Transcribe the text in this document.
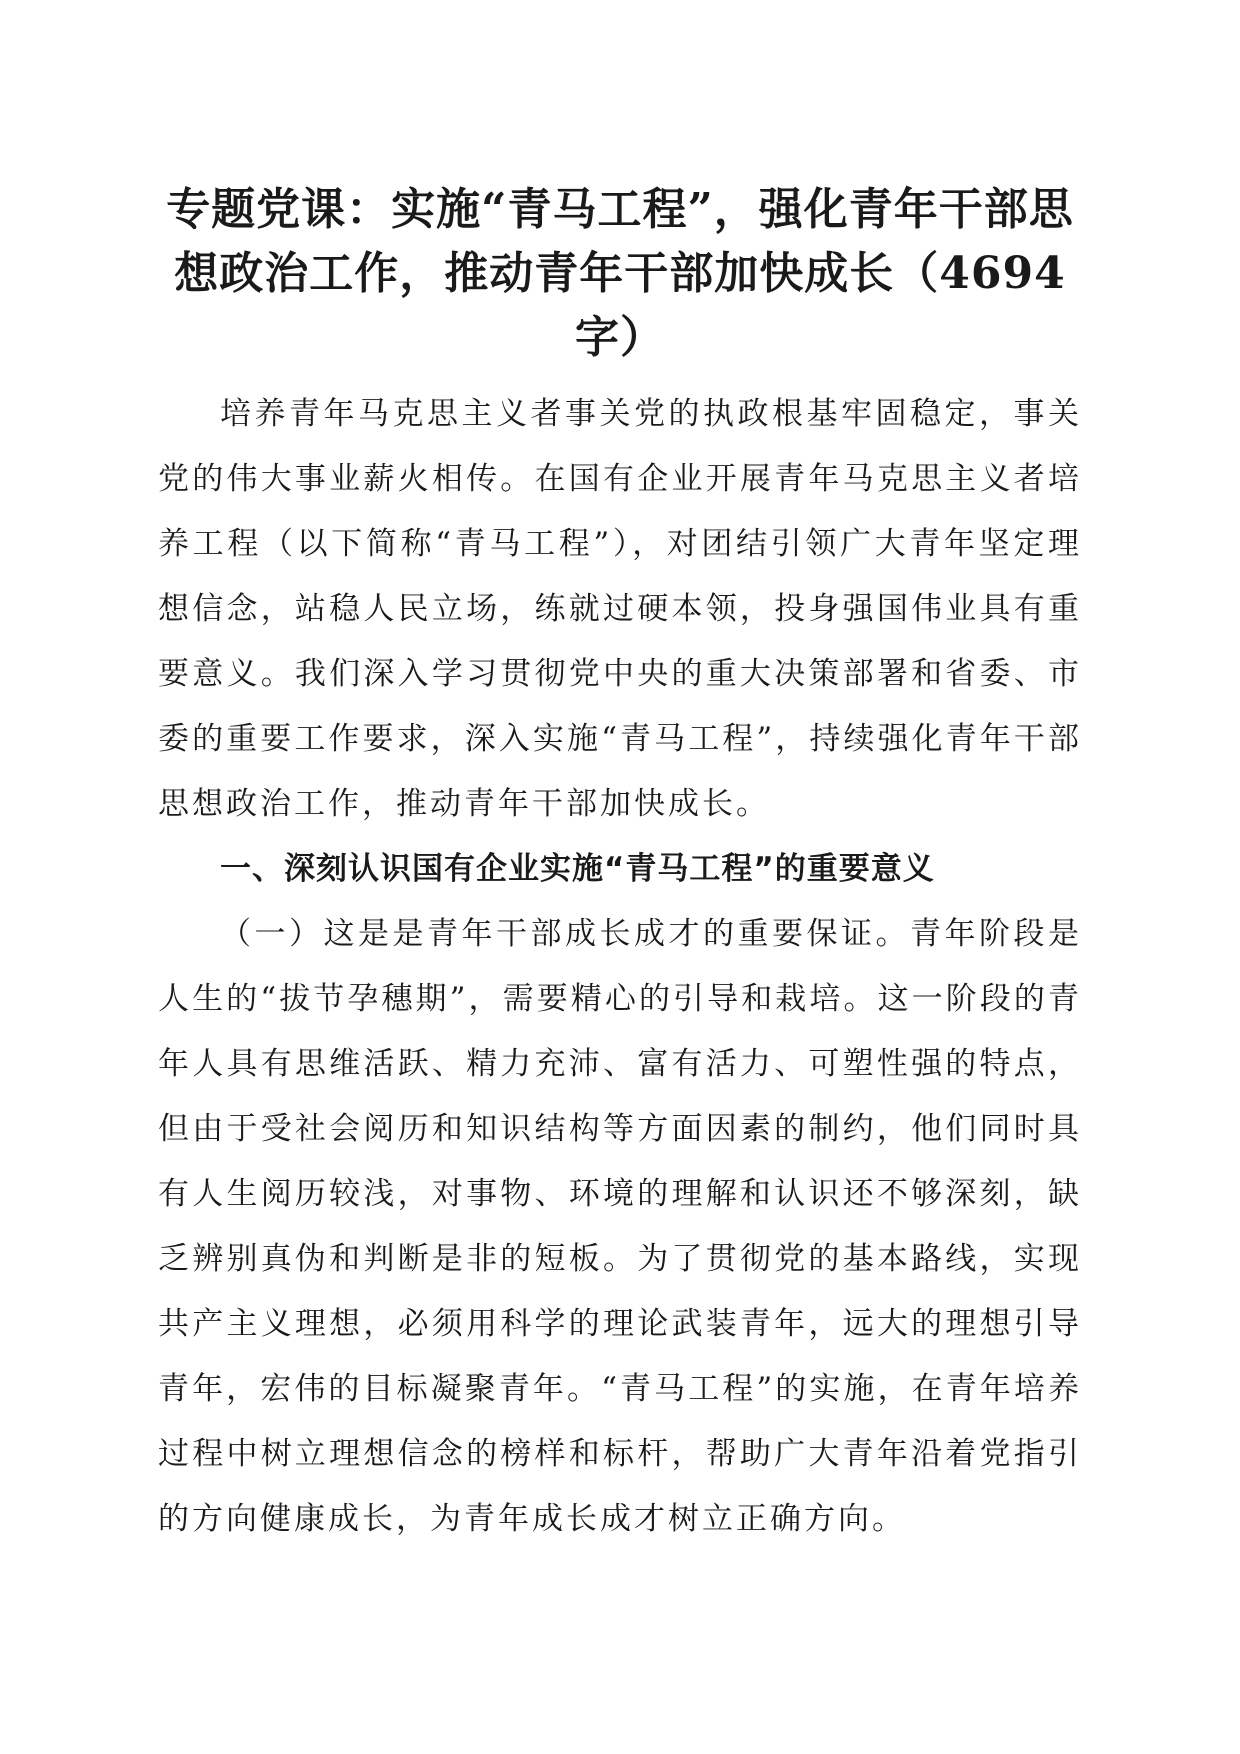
专题党课：实施“青马工程”，强化青年干部思想政治工作，推动青年干部加快成长（4694字）

培养青年马克思主义者事关党的执政根基牢固稳定，事关党的伟大事业薪火相传。在国有企业开展青年马克思主义者培养工程（以下简称“青马工程”），对团结引领广大青年坚定理想信念，站稳人民立场，练就过硬本领，投身强国伟业具有重要意义。我们深入学习贯彻党中央的重大决策部署和省委、市委的重要工作要求，深入实施“青马工程”，持续强化青年干部思想政治工作，推动青年干部加快成长。

一、深刻认识国有企业实施“青马工程”的重要意义

（一）这是是青年干部成长成才的重要保证。青年阶段是人生的“拔节孕穗期”，需要精心的引导和栽培。这一阶段的青年人具有思维活跃、精力充沛、富有活力、可塑性强的特点，但由于受社会阅历和知识结构等方面因素的制约，他们同时具有人生阅历较浅，对事物、环境的理解和认识还不够深刻，缺乏辨别真伪和判断是非的短板。为了贯彻党的基本路线，实现共产主义理想，必须用科学的理论武装青年，远大的理想引导青年，宏伟的目标凝聚青年。“青马工程”的实施，在青年培养过程中树立理想信念的榜样和标杆，帮助广大青年沿着党指引的方向健康成长，为青年成长成才树立正确方向。
